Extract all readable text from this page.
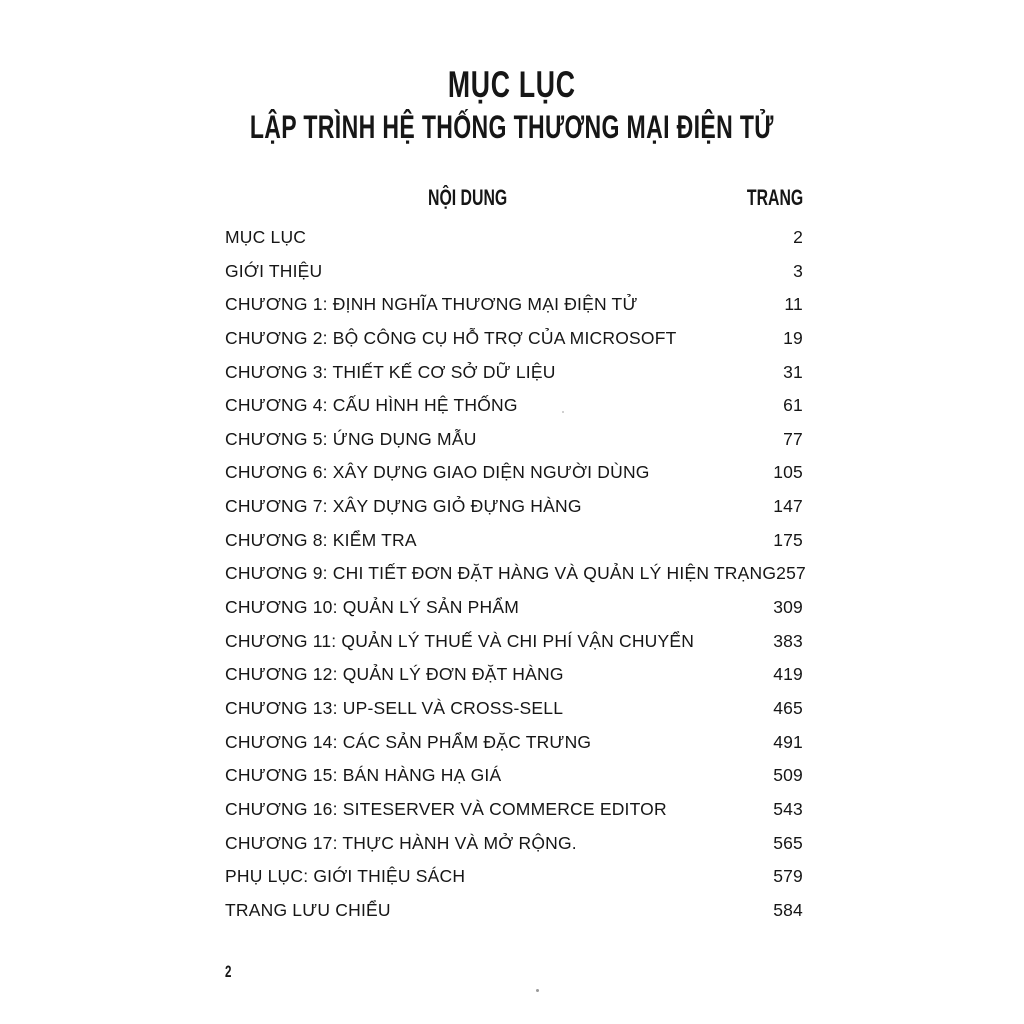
MỤC LỤC
LẬP TRÌNH HỆ THỐNG THƯƠNG MẠI ĐIỆN TỬ
NỘI DUNG	TRANG
MỤC LỤC	2
GIỚI THIỆU	3
CHƯƠNG 1: ĐỊNH NGHĨA THƯƠNG MẠI ĐIỆN TỬ	11
CHƯƠNG 2: BỘ CÔNG CỤ HỖ TRỢ CỦA MICROSOFT	19
CHƯƠNG 3: THIẾT KẾ CƠ SỞ DỮ LIỆU	31
CHƯƠNG 4: CẤU HÌNH HỆ THỐNG	61
CHƯƠNG 5: ỨNG DỤNG MẪU	77
CHƯƠNG 6: XÂY DỰNG GIAO DIỆN NGƯỜI DÙNG	105
CHƯƠNG 7: XÂY DỰNG GIỎ ĐỰNG HÀNG	147
CHƯƠNG 8: KIỂM TRA	175
CHƯƠNG 9: CHI TIẾT ĐƠN ĐẶT HÀNG VÀ QUẢN LÝ HIỆN TRẠNG 257
CHƯƠNG 10: QUẢN LÝ SẢN PHẨM	309
CHƯƠNG 11: QUẢN LÝ THUẾ VÀ CHI PHÍ VẬN CHUYỂN	383
CHƯƠNG 12: QUẢN LÝ ĐƠN ĐẶT HÀNG	419
CHƯƠNG 13: UP-SELL VÀ CROSS-SELL	465
CHƯƠNG 14: CÁC SẢN PHẨM ĐẶC TRƯNG	491
CHƯƠNG 15: BÁN HÀNG HẠ GIÁ	509
CHƯƠNG 16: SITESERVER VÀ COMMERCE EDITOR	543
CHƯƠNG 17: THỰC HÀNH VÀ MỞ RỘNG.	565
PHỤ LỤC: GIỚI THIỆU SÁCH	579
TRANG LƯU CHIỂU	584
2
